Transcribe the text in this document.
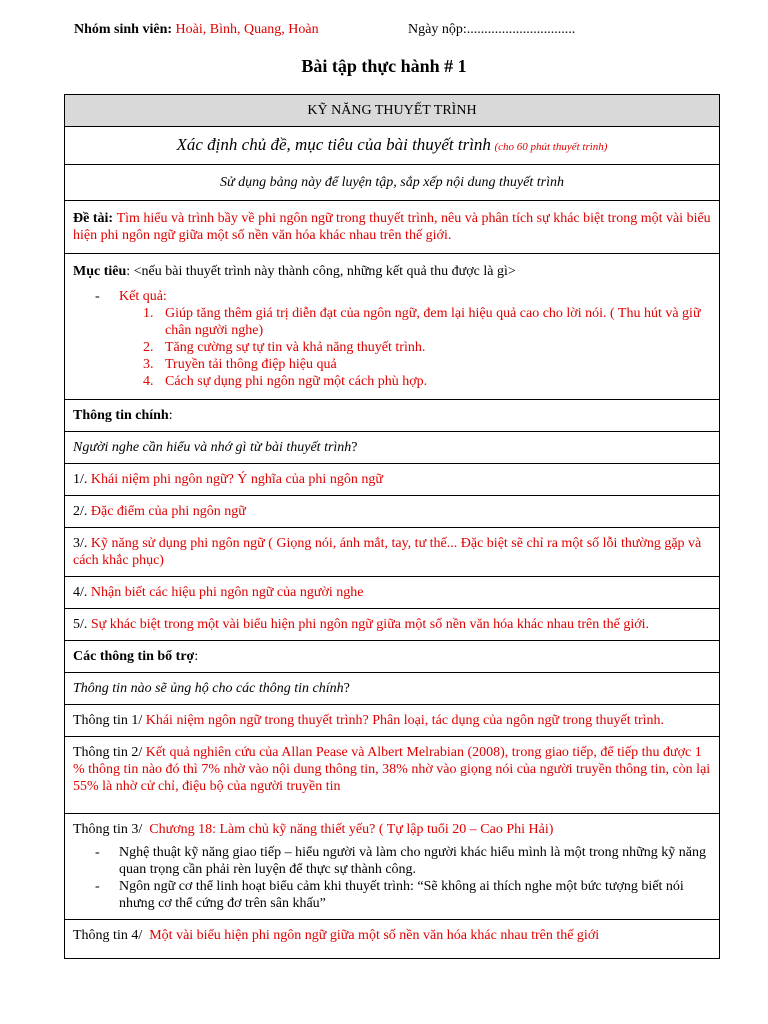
Nhóm sinh viên: Hoài, Bình, Quang, Hoàn	Ngày nộp:...............................
Bài tập thực hành # 1
KỸ NĂNG THUYẾT TRÌNH
Xác định chủ đề, mục tiêu của bài thuyết trình (cho 60 phút thuyết trình)
Sử dụng bảng này để luyện tập, sắp xếp nội dung thuyết trình
Đề tài: Tìm hiểu và trình bầy về phi ngôn ngữ trong thuyết trình, nêu và phân tích sự khác biệt trong một vài biểu hiện phi ngôn ngữ giữa một số nền văn hóa khác nhau trên thế giới.
Mục tiêu: <nếu bài thuyết trình này thành công, những kết quả thu được là gì>
- Kết quả:
1. Giúp tăng thêm giá trị diễn đạt của ngôn ngữ, đem lại hiệu quả cao cho lời nói. ( Thu hút và giữ chân người nghe)
2. Tăng cường sự tự tin và khả năng thuyết trình.
3. Truyền tải thông điệp hiệu quả
4. Cách sự dụng phi ngôn ngữ một cách phù hợp.

Thông tin chính:
Người nghe cần hiểu và nhớ gì từ bài thuyết trình?
1/. Khái niệm phi ngôn ngữ? Ý nghĩa của phi ngôn ngữ
2/. Đặc điểm của phi ngôn ngữ
3/. Kỹ năng sử dụng phi ngôn ngữ ( Giọng nói, ánh mắt, tay, tư thế... Đặc biệt sẽ chỉ ra một số lỗi thường gặp và cách khắc phục)
4/. Nhận biết các hiệu phi ngôn ngữ của người nghe
5/. Sự khác biệt trong một vài biểu hiện phi ngôn ngữ giữa một số nền văn hóa khác nhau trên thế giới.
Các thông tin bổ trợ:
Thông tin nào sẽ ủng hộ cho các thông tin chính?
Thông tin 1/ Khái niệm ngôn ngữ trong thuyết trình? Phân loại, tác dụng của ngôn ngữ trong thuyết trình.
Thông tin 2/ Kết quả nghiên cứu của Allan Pease và Albert Melrabian (2008), trong giao tiếp, để tiếp thu được 1 % thông tin nào đó thì 7% nhờ vào nội dung thông tin, 38% nhờ vào giọng nói của người truyền thông tin, còn lại 55% là nhờ cử chỉ, điệu bộ của người truyền tin
Thông tin 3/ Chương 18: Làm chủ kỹ năng thiết yếu? ( Tự lập tuổi 20 – Cao Phi Hải)
- Nghệ thuật kỹ năng giao tiếp – hiểu người và làm cho người khác hiểu mình là một trong những kỹ năng quan trọng cần phải rèn luyện để thực sự thành công.
- Ngôn ngữ cơ thể linh hoạt biểu cảm khi thuyết trình: “Sẽ không ai thích nghe một bức tượng biết nói nhưng cơ thể cứng đơ trên sân khấu”

Thông tin 4/ Một vài biểu hiện phi ngôn ngữ giữa một số nền văn hóa khác nhau trên thế giới
